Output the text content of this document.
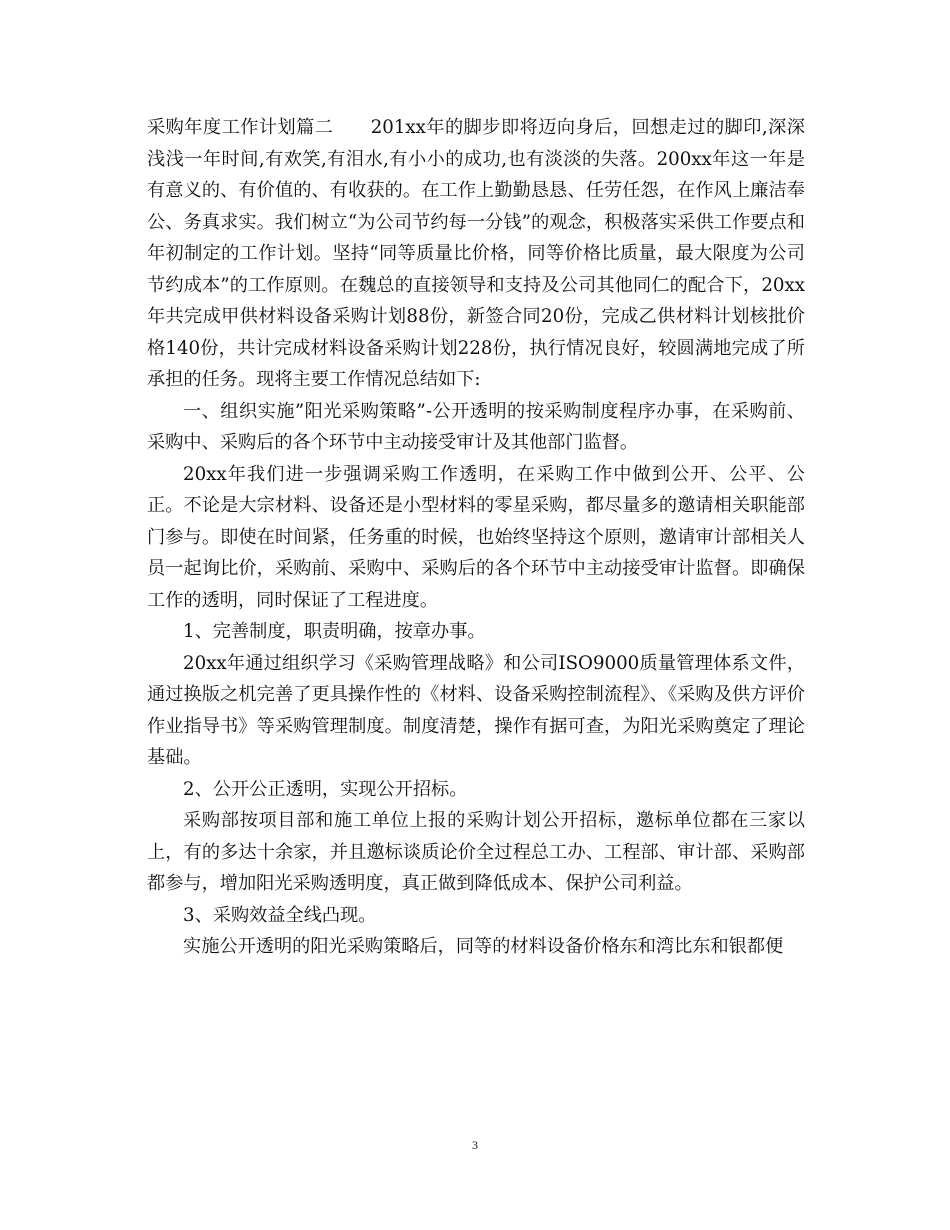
采购年度工作计划篇二　　201xx年的脚步即将迈向身后，回想走过的脚印,深深浅浅一年时间,有欢笑,有泪水,有小小的成功,也有淡淡的失落。200xx年这一年是有意义的、有价值的、有收获的。在工作上勤勤恳恳、任劳任怨，在作风上廉洁奉公、务真求实。我们树立“为公司节约每一分钱”的观念，积极落实采供工作要点和年初制定的工作计划。坚持“同等质量比价格，同等价格比质量，最大限度为公司节约成本”的工作原则。在魏总的直接领导和支持及公司其他同仁的配合下，20xx年共完成甲供材料设备采购计划88份，新签合同20份，完成乙供材料计划核批价格140份，共计完成材料设备采购计划228份，执行情况良好，较圆满地完成了所承担的任务。现将主要工作情况总结如下:

一、组织实施”阳光采购策略”-公开透明的按采购制度程序办事，在采购前、采购中、采购后的各个环节中主动接受审计及其他部门监督。

20xx年我们进一步强调采购工作透明，在采购工作中做到公开、公平、公正。不论是大宗材料、设备还是小型材料的零星采购，都尽量多的邀请相关职能部门参与。即使在时间紧，任务重的时候，也始终坚持这个原则，邀请审计部相关人员一起询比价，采购前、采购中、采购后的各个环节中主动接受审计监督。即确保工作的透明，同时保证了工程进度。

1、完善制度，职责明确，按章办事。

20xx年通过组织学习《采购管理战略》和公司ISO9000质量管理体系文件，通过换版之机完善了更具操作性的《材料、设备采购控制流程》、《采购及供方评价作业指导书》等采购管理制度。制度清楚，操作有据可查，为阳光采购奠定了理论基础。

2、公开公正透明，实现公开招标。

采购部按项目部和施工单位上报的采购计划公开招标，邀标单位都在三家以上，有的多达十余家，并且邀标谈质论价全过程总工办、工程部、审计部、采购部都参与，增加阳光采购透明度，真正做到降低成本、保护公司利益。

3、采购效益全线凸现。

实施公开透明的阳光采购策略后，同等的材料设备价格东和湾比东和银都便

3
